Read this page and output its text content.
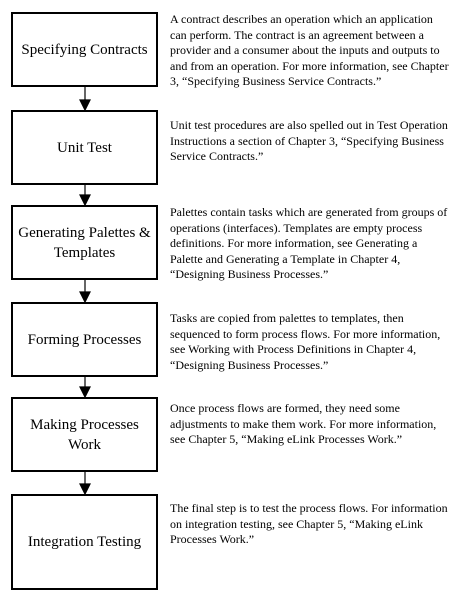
Specifying Contracts

A contract describes an operation which an application can perform. The contract is an agreement between a provider and a consumer about the inputs and outputs to and from an operation. For more information, see Chapter 3, “Specifying Business Service Contracts.”

Unit Test

Unit test procedures are also spelled out in Test Operation Instructions a section of Chapter 3, “Specifying Business Service Contracts.”

Generating Palettes & Templates

Palettes contain tasks which are generated from groups of operations (interfaces). Templates are empty process definitions. For more information, see Generating a Palette and Generating a Template in Chapter 4, “Designing Business Processes.”

Forming Processes

Tasks are copied from palettes to templates, then sequenced to form process flows. For more information, see Working with Process Definitions in Chapter 4, “Designing Business Processes.”

Making Processes Work

Once process flows are formed, they need some adjustments to make them work. For more information, see Chapter 5, “Making eLink Processes Work.”

Integration Testing

The final step is to test the process flows. For information on integration testing, see Chapter 5, “Making eLink Processes Work.”
